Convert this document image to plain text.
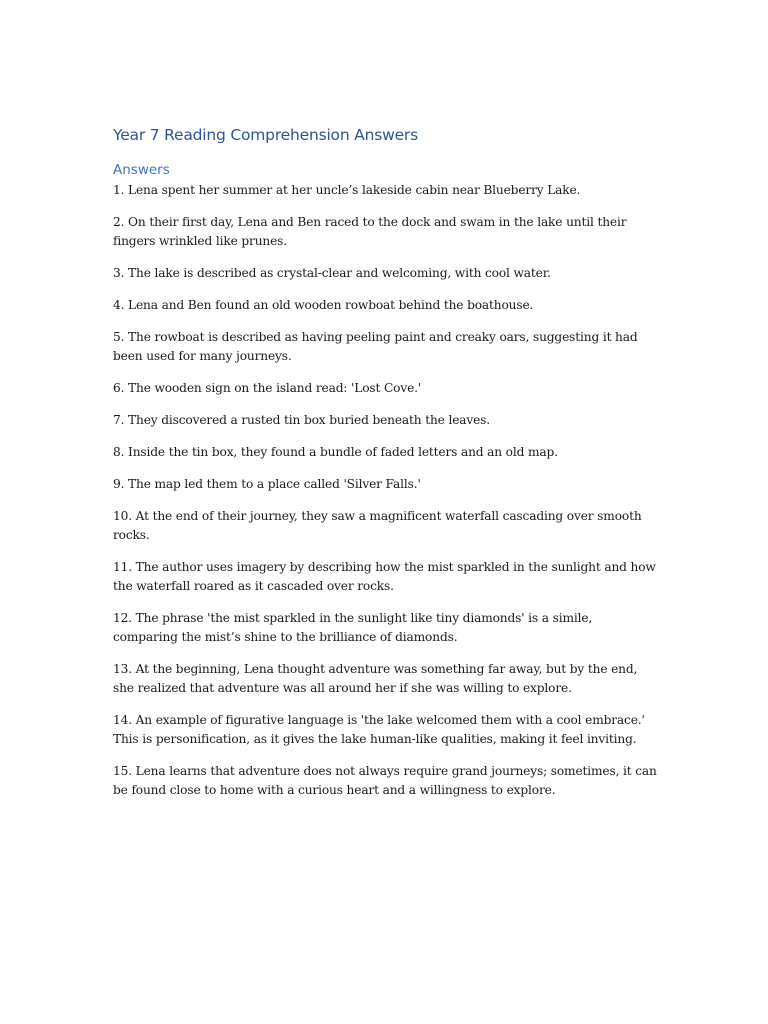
Year 7 Reading Comprehension Answers
Answers
1. Lena spent her summer at her uncle’s lakeside cabin near Blueberry Lake.
2. On their first day, Lena and Ben raced to the dock and swam in the lake until their fingers wrinkled like prunes.
3. The lake is described as crystal-clear and welcoming, with cool water.
4. Lena and Ben found an old wooden rowboat behind the boathouse.
5. The rowboat is described as having peeling paint and creaky oars, suggesting it had been used for many journeys.
6. The wooden sign on the island read: 'Lost Cove.'
7. They discovered a rusted tin box buried beneath the leaves.
8. Inside the tin box, they found a bundle of faded letters and an old map.
9. The map led them to a place called 'Silver Falls.'
10. At the end of their journey, they saw a magnificent waterfall cascading over smooth rocks.
11. The author uses imagery by describing how the mist sparkled in the sunlight and how the waterfall roared as it cascaded over rocks.
12. The phrase 'the mist sparkled in the sunlight like tiny diamonds' is a simile, comparing the mist’s shine to the brilliance of diamonds.
13. At the beginning, Lena thought adventure was something far away, but by the end, she realized that adventure was all around her if she was willing to explore.
14. An example of figurative language is 'the lake welcomed them with a cool embrace.' This is personification, as it gives the lake human-like qualities, making it feel inviting.
15. Lena learns that adventure does not always require grand journeys; sometimes, it can be found close to home with a curious heart and a willingness to explore.
